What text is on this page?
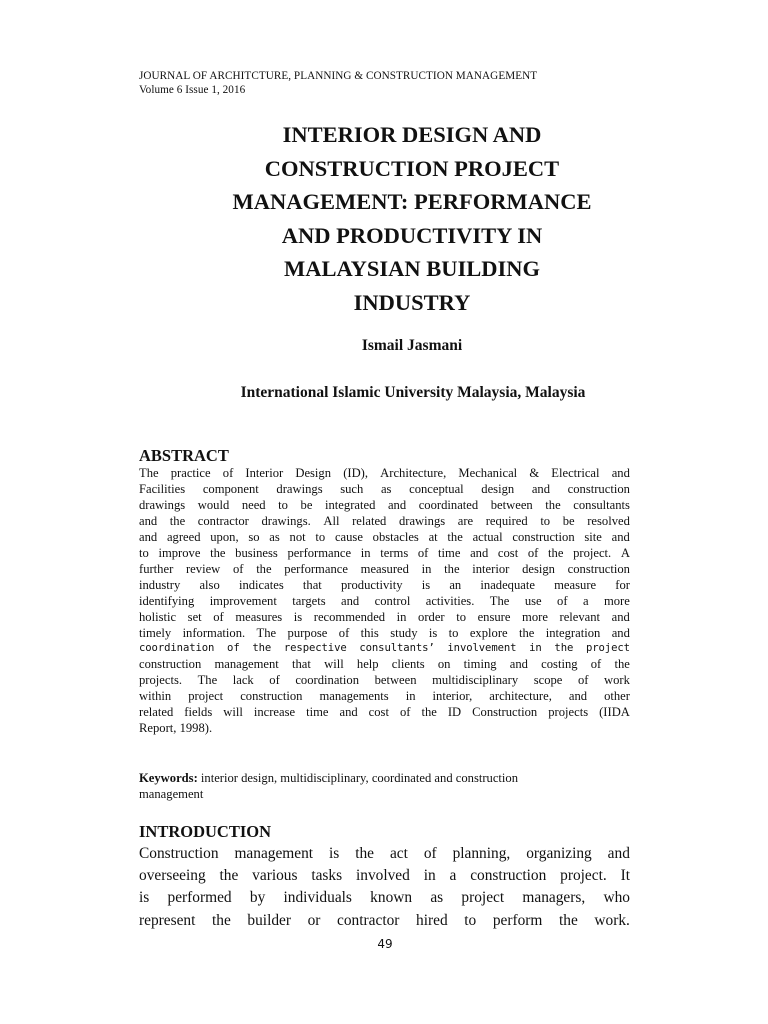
JOURNAL OF ARCHITCTURE, PLANNING & CONSTRUCTION MANAGEMENT
Volume 6 Issue 1, 2016
INTERIOR DESIGN AND
CONSTRUCTION PROJECT
MANAGEMENT: PERFORMANCE
AND PRODUCTIVITY IN
MALAYSIAN BUILDING
INDUSTRY
Ismail Jasmani
International Islamic University Malaysia, Malaysia
ABSTRACT
The practice of Interior Design (ID), Architecture, Mechanical & Electrical and
Facilities component drawings such as conceptual design and construction
drawings would need to be integrated and coordinated between the consultants
and the contractor drawings. All related drawings are required to be resolved
and agreed upon, so as not to cause obstacles at the actual construction site and
to improve the business performance in terms of time and cost of the project. A
further review of the performance measured in the interior design construction
industry also indicates that productivity is an inadequate measure for
identifying improvement targets and control activities. The use of a more
holistic set of measures is recommended in order to ensure more relevant and
timely information. The purpose of this study is to explore the integration and
coordination of the respective consultants’ involvement in the project
construction management that will help clients on timing and costing of the
projects. The lack of coordination between multidisciplinary scope of work
within project construction managements in interior, architecture, and other
related fields will increase time and cost of the ID Construction projects (IIDA
Report, 1998).
Keywords: interior design, multidisciplinary, coordinated and construction
management
INTRODUCTION
Construction management is the act of planning, organizing and
overseeing the various tasks involved in a construction project. It
is performed by individuals known as project managers, who
represent the builder or contractor hired to perform the work.
49
